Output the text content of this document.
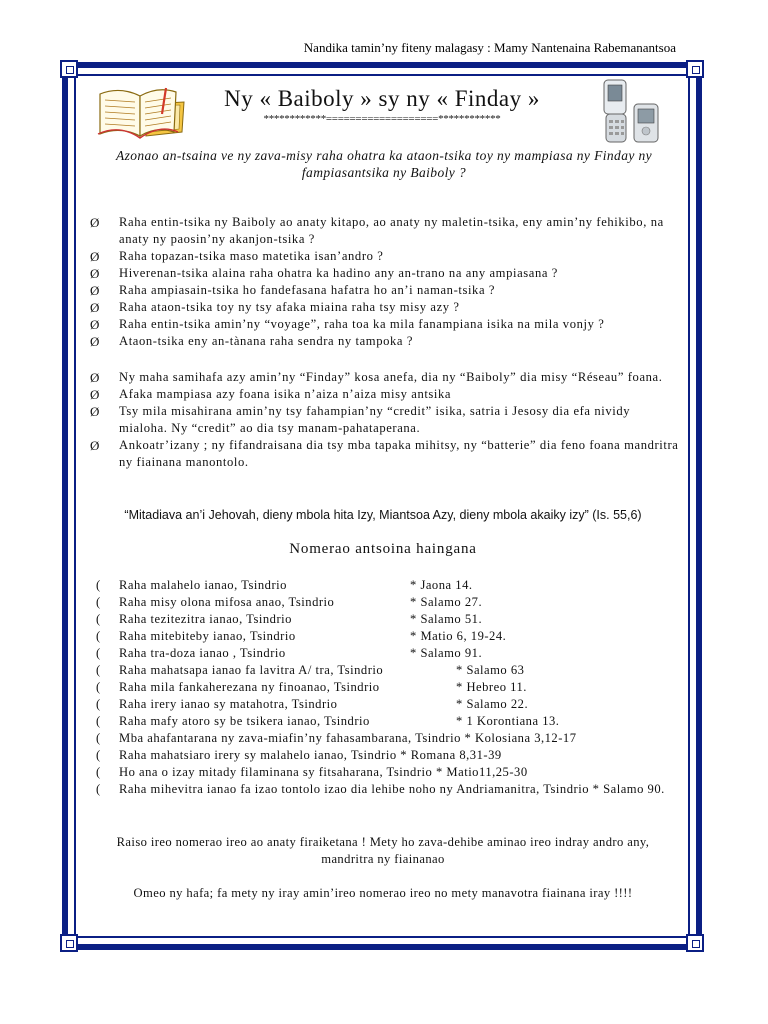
Nandika tamin’ny fiteny malagasy : Mamy Nantenaina Rabemanantsoa
Ny « Baiboly » sy ny « Finday »
************===================************
Azonao an-tsaina ve ny zava-misy raha ohatra ka ataon-tsika toy ny mampiasa ny Finday ny fampiasantsika ny Baiboly ?
Ø	Raha entin-tsika ny Baiboly ao anaty kitapo, ao anaty ny maletin-tsika, eny amin’ny fehikibo, na anaty ny paosin’ny akanjon-tsika ?
Ø	Raha topazan-tsika maso matetika isan’andro ?
Ø	Hiverenan-tsika alaina raha ohatra ka hadino any an-trano na any ampiasana ?
Ø	Raha ampiasain-tsika ho fandefasana hafatra ho an’i naman-tsika ?
Ø	Raha ataon-tsika toy ny tsy afaka miaina raha tsy misy azy ?
Ø	Raha entin-tsika amin’ny “voyage”, raha toa ka mila fanampiana isika na mila vonjy ?
Ø	Ataon-tsika eny an-tànana raha sendra ny tampoka ?
Ø	Ny maha samihafa azy amin’ny “Finday” kosa anefa, dia ny “Baiboly” dia misy “Réseau” foana.
Ø	Afaka mampiasa azy foana isika n’aiza n’aiza misy antsika
Ø	Tsy mila misahirana amin’ny tsy fahampian’ny “credit” isika, satria i Jesosy dia efa nividy mialoha. Ny “credit” ao dia tsy manam-pahataperana.
Ø	Ankoatr’izany ; ny fifandraisana dia tsy mba tapaka mihitsy, ny “batterie” dia feno foana mandritra ny fiainana manontolo.
“Mitadiava an’i Jehovah, dieny mbola hita Izy, Miantsoa Azy, dieny mbola akaiky izy” (Is. 55,6)
Nomerao antsoina haingana
(	Raha malahelo ianao, Tsindrio	* Jaona 14.
(	Raha misy olona mifosa anao, Tsindrio	* Salamo 27.
(	Raha tezitezitra ianao, Tsindrio	* Salamo 51.
(	Raha mitebiteby ianao, Tsindrio	* Matio 6, 19-24.
(	Raha tra-doza ianao , Tsindrio	* Salamo 91.
(	Raha mahatsapa ianao fa lavitra A/ tra, Tsindrio	* Salamo 63
(	Raha mila fankaherezana ny finoanao, Tsindrio	* Hebreo 11.
(	Raha irery ianao sy matahotra, Tsindrio	* Salamo 22.
(	Raha mafy atoro sy be tsikera ianao, Tsindrio	* 1 Korontiana 13.
(	Mba ahafantarana ny zava-miafin’ny fahasambarana, Tsindrio * Kolosiana 3,12-17
(	Raha mahatsiaro irery sy malahelo ianao, Tsindrio * Romana 8,31-39
(	Ho ana o izay mitady filaminana sy fitsaharana, Tsindrio * Matio11,25-30
(	Raha mihevitra ianao fa izao tontolo izao dia lehibe noho ny Andriamanitra, Tsindrio * Salamo 90.
Raiso ireo nomerao ireo ao anaty firaiketana ! Mety ho zava-dehibe aminao ireo indray andro any, mandritra ny fiainanao
Omeo ny hafa; fa mety ny iray amin’ireo nomerao ireo no mety manavotra fiainana iray !!!!
